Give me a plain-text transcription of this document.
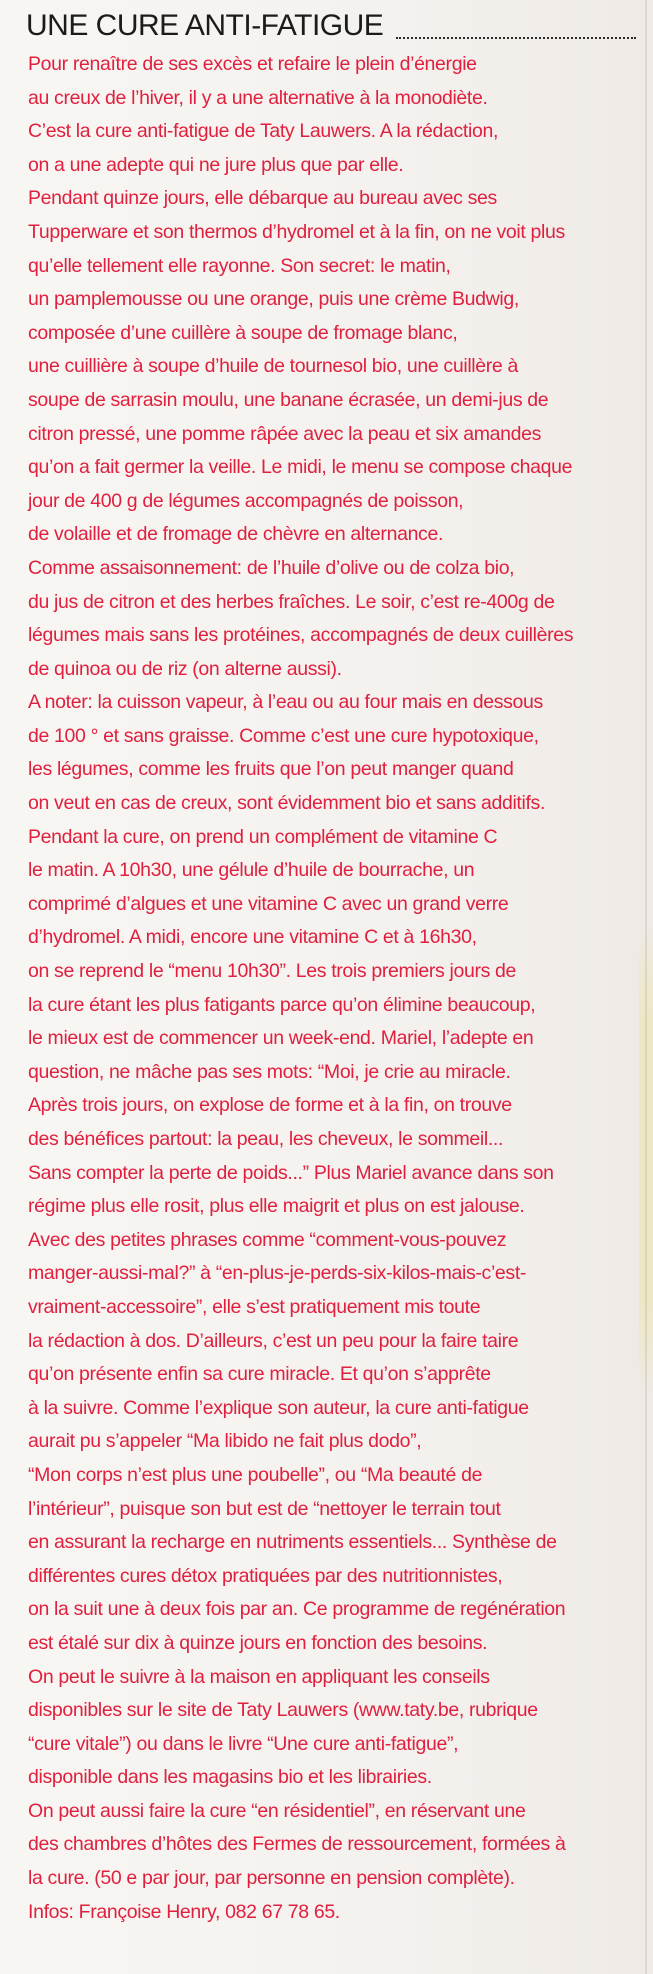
UNE CURE ANTI-FATIGUE
Pour renaître de ses excès et refaire le plein d’énergie
au creux de l’hiver, il y a une alternative à la monodiète.
C’est la cure anti-fatigue de Taty Lauwers. A la rédaction,
on a une adepte qui ne jure plus que par elle.
Pendant quinze jours, elle débarque au bureau avec ses
Tupperware et son thermos d’hydromel et à la fin, on ne voit plus
qu’elle tellement elle rayonne. Son secret: le matin,
un pamplemousse ou une orange, puis une crème Budwig,
composée d’une cuillère à soupe de fromage blanc,
une cuillière à soupe d’huile de tournesol bio, une cuillère à
soupe de sarrasin moulu, une banane écrasée, un demi-jus de
citron pressé, une pomme râpée avec la peau et six amandes
qu’on a fait germer la veille. Le midi, le menu se compose chaque
jour de 400 g de légumes accompagnés de poisson,
de volaille et de fromage de chèvre en alternance.
Comme assaisonnement: de l’huile d’olive ou de colza bio,
du jus de citron et des herbes fraîches. Le soir, c’est re-400g de
légumes mais sans les protéines, accompagnés de deux cuillères
de quinoa ou de riz (on alterne aussi).
A noter: la cuisson vapeur, à l’eau ou au four mais en dessous
de 100 ° et sans graisse. Comme c’est une cure hypotoxique,
les légumes, comme les fruits que l’on peut manger quand
on veut en cas de creux, sont évidemment bio et sans additifs.
Pendant la cure, on prend un complément de vitamine C
le matin. A 10h30, une gélule d’huile de bourrache, un
comprimé d’algues et une vitamine C avec un grand verre
d’hydromel. A midi, encore une vitamine C et à 16h30,
on se reprend le “menu 10h30”. Les trois premiers jours de
la cure étant les plus fatigants parce qu’on élimine beaucoup,
le mieux est de commencer un week-end. Mariel, l’adepte en
question, ne mâche pas ses mots: “Moi, je crie au miracle.
Après trois jours, on explose de forme et à la fin, on trouve
des bénéfices partout: la peau, les cheveux, le sommeil...
Sans compter la perte de poids...” Plus Mariel avance dans son
régime plus elle rosit, plus elle maigrit et plus on est jalouse.
Avec des petites phrases comme “comment-vous-pouvez
manger-aussi-mal?” à “en-plus-je-perds-six-kilos-mais-c’est-
vraiment-accessoire”, elle s’est pratiquement mis toute
la rédaction à dos. D’ailleurs, c’est un peu pour la faire taire
qu’on présente enfin sa cure miracle. Et qu’on s’apprête
à la suivre. Comme l’explique son auteur, la cure anti-fatigue
aurait pu s’appeler “Ma libido ne fait plus dodo”,
“Mon corps n’est plus une poubelle”, ou “Ma beauté de
l’intérieur”, puisque son but est de “nettoyer le terrain tout
en assurant la recharge en nutriments essentiels... Synthèse de
différentes cures détox pratiquées par des nutritionnistes,
on la suit une à deux fois par an. Ce programme de regénération
est étalé sur dix à quinze jours en fonction des besoins.
On peut le suivre à la maison en appliquant les conseils
disponibles sur le site de Taty Lauwers (www.taty.be, rubrique
“cure vitale”) ou dans le livre “Une cure anti-fatigue”,
disponible dans les magasins bio et les librairies.
On peut aussi faire la cure “en résidentiel”, en réservant une
des chambres d’hôtes des Fermes de ressourcement, formées à
la cure. (50 e par jour, par personne en pension complète).
Infos: Françoise Henry, 082 67 78 65.
